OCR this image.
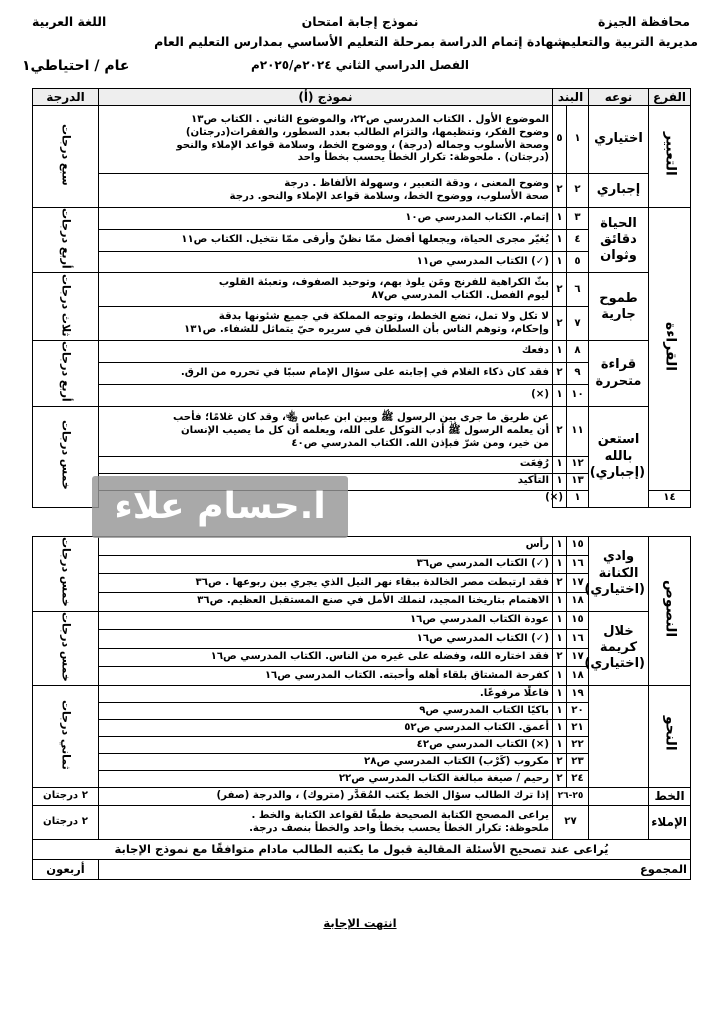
محافظة الجيزة
مديرية التربية والتعليم
نموذج إجابة امتحان
شهادة إتمام الدراسة بمرحلة التعليم الأساسي بمدارس التعليم العام
الفصل الدراسي الثاني ٢٠٢٤م/٢٠٢٥م
اللغة العربية
عام / احتياطي١
الفرع	نوعه	البند		نموذج (أ)	الدرجة
التعبير	اختياري	١	٥	الموضوع الأول . الكتاب المدرسي ص٢٢، والموضوع الثاني . الكتاب ص١٣
وضوح الفكر، وتنظيمها، والتزام الطالب بعدد السطور، والفقرات(درجتان)
وصحة الأسلوب وجماله (درجة) ، ووضوح الخط، وسلامة قواعد الإملاء والنحو
(درجتان) . ملحوظة: تكرار الخطأ يحسب بخطأ واحد	سبع درجات
	إجباري	٢	٢	وضوح المعنى ، ودقة التعبير ، وسهولة الألفاظ . درجة
صحة الأسلوب، ووضوح الخط، وسلامة قواعد الإملاء والنحو. درجة	

القراءة	الحياة دقائق وثوان	٣	١	إتمام. الكتاب المدرسي ص١٠	أربع درجات
		٤	١	يُغيّر مجرى الحياة، ويجعلها أفضل ممّا نظنّ وأرقى ممّا نتخيل. الكتاب ص١١	

		٥	١	(✓) الكتاب المدرسي ص١١	

	طموح جارية	٦	٢	بثّ الكراهية للفرنج ومَن يلوذ بهم، وتوحيد الصفوف، وتعبئة القلوب
ليوم الفصل. الكتاب المدرسي ص٨٧	ثلاث درجات
		٧	٢	لا تكل ولا تمل، تضع الخطط، وتوجه المملكة في جميع شئونها بدقة
وإحكام، وتوهم الناس بأن السلطان في سريره حيّ يتماثل للشفاء. ص١٣١	

	قراءة متحررة	٨	١	دفعك	أربع درجات
		٩	٢	فقد كان ذكاء الغلام في إجابته على سؤال الإمام سببًا في تحرره من الرق.	

		١٠	١	(×)	

	استعن بالله (إجباري)	١١	٢	عن طريق ما جرى بين الرسول ﷺ وبين ابن عباس ﵄، وقد كان غلامًا؛ فأحب
أن يعلمه الرسول ﷺ أدب التوكل على الله، ويعلمه أن كل ما يصيب الإنسان
من خير، ومن شرّ فبإذن الله. الكتاب المدرسي ص٤٠	خمس درجات
		١٢	١	رُفِعَت	

		١٣	١	التأكيد	

١٤		١	(×)		
النصوص	وادي الكنانة (اختياري)	١٥	١	رأس	خمس درجات
		١٦	١	(✓) الكتاب المدرسي ص٣٦	

		١٧	٢	فقد ارتبطت مصر الخالدة ببقاء نهر النيل الذي يجري بين ربوعها . ص٣٦	

		١٨	١	الاهتمام بتاريخنا المجيد، لنملك الأمل في صنع المستقبل العظيم. ص٣٦	

	خلال كريمة (اختياري)	١٥	١	عودة الكتاب المدرسي ص١٦	خمس درجات
		١٦	١	(✓) الكتاب المدرسي ص١٦	

		١٧	٢	فقد اختاره الله، وفضله على غيره من الناس. الكتاب المدرسي ص١٦	

		١٨	١	كفرحة المشتاق بلقاء أهله وأحبته. الكتاب المدرسي ص١٦	

النحو		١٩	١	فاعلًا مرفوعًا.	ثماني درجات
		٢٠	١	باكيًا الكتاب المدرسي ص٩	

		٢١	١	أعمق. الكتاب المدرسي ص٥٢	

		٢٢	١	(×) الكتاب المدرسي ص٤٢	

		٢٣	٢	مكروب (كَرْب) الكتاب المدرسي ص٢٨	

		٢٤	٢	رحيم / صيغة مبالغة الكتاب المدرسي ص٢٢	

الخط		٢٥-٢٦		إذا ترك الطالب سؤال الخط يكتب المُقدَّر (متروك) ، والدرجة (صفر)	٢ درجتان
الإملاء		٢٧		يراعى المصحح الكتابة الصحيحة طبقًا لقواعد الكتابة والخط .
ملحوظة: تكرار الخطأ يحسب بخطأ واحد والخطأ بنصف درجة.	٢ درجتان
يُراعى عند تصحيح الأسئلة المقالية قبول ما يكتبه الطالب مادام متوافقًا مع نموذج الإجابة					
المجموع					أربعون
انتهت الإجابة
ا.حسام علاء
